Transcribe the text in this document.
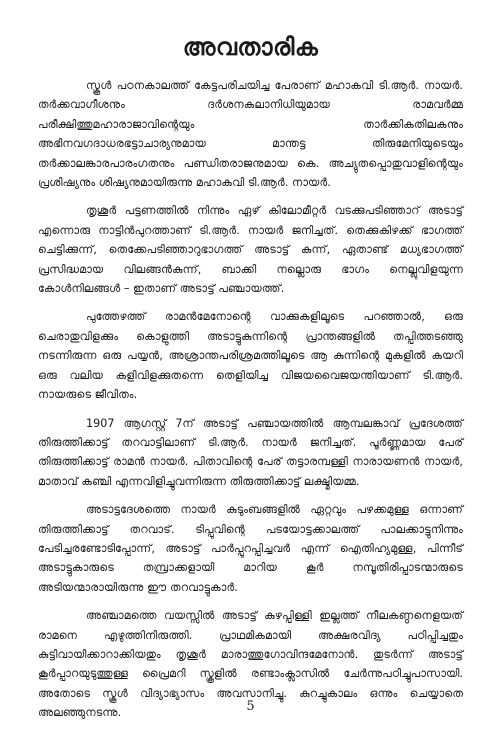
അവതാരിക

സ്കൂൾ പഠനകാലത്ത് കേട്ടപരിചയിച്ച പേരാണ് മഹാകവി ടി.ആർ. നായർ. തർക്കവാഗീശനും ദർശനകലാനിധിയുമായ രാമവർമ്മ പരീക്ഷിത്തുമഹാരാജാവിന്റെയും താർക്കികതിലകനും അഭിനവഗദാധരഭട്ടാചാര്യനുമായ മാന്തട്ട തിരുമേനിയുടെയും തർക്കാലങ്കാരപാരംഗതനും പണ്ഡിതരാജനുമായ കെ. അച്യുതപ്പൊതുവാളിന്റെയും പ്രശിഷ്യനും ശിഷ്യനുമായിരുന്നു മഹാകവി ടി.ആർ. നായർ.

തൃശൂർ പട്ടണത്തിൽ നിന്നും ഏഴ് കിലോമീറ്റർ വടക്കുപടിഞ്ഞാറ് അടാട്ട് എന്നൊരു നാട്ടിൻപുറത്താണ് ടി.ആർ. നായർ ജനിച്ചത്. തെക്കുകിഴക്ക് ഭാഗത്ത് ചെട്ടിക്കുന്ന്, തെക്കേപടിഞ്ഞാറുഭാഗത്ത് അടാട്ട് കുന്ന്, ഏതാണ്ട് മധ്യഭാഗത്ത് പ്രസിദ്ധമായ വിലങ്ങൻകുന്ന്, ബാക്കി നല്ലൊരു ഭാഗം നെല്ലുവിളയുന്ന കോൾനിലങ്ങൾ – ഇതാണ് അടാട്ട് പഞ്ചായത്ത്.

പുത്തേഴത്ത് രാമൻമേനോന്റെ വാക്കുകളിലൂടെ പറഞ്ഞാൽ, ഒരു ചെരാതുവിളക്കും കൊളുത്തി അടാട്ടുകുന്നിന്റെ പ്രാന്തങ്ങളിൽ തപ്പിത്തടഞ്ഞു നടന്നിരുന്ന ഒരു പയ്യൻ, അശ്രാന്തപരിശ്രമത്തിലൂടെ ആ കുന്നിന്റെ മുകളിൽ കയറി ഒരു വലിയ കളിവിളക്കുതന്നെ തെളിയിച്ച വിജയവൈജയന്തിയാണ് ടി.ആർ. നായരുടെ ജീവിതം.

1907 ആഗസ്റ്റ് 7ന് അടാട്ട് പഞ്ചായത്തിൽ ആമ്പലങ്കാവ് പ്രദേശത്ത് തിരുത്തിക്കാട്ട് തറവാട്ടിലാണ് ടി.ആർ. നായർ ജനിച്ചത്. പൂർണ്ണമായ പേര് തിരുത്തിക്കാട്ട് രാമൻ നായർ. പിതാവിന്റെ പേര് തട്ടാരമ്പള്ളി നാരായണൻ നായർ, മാതാവ് കഞ്ചി എന്നവിളിച്ചുവന്നിരുന്ന തിരുത്തിക്കാട്ട് ലക്ഷ്മിയമ്മ.

അടാട്ടദേശത്തെ നായർ കുടുംബങ്ങളിൽ ഏറ്റവും പഴക്കമുള്ള ഒന്നാണ് തിരുത്തിക്കാട്ട് തറവാട്. ടിപ്പുവിന്റെ പടയോട്ടക്കാലത്ത് പാലക്കാട്ടുനിന്നും പേടിച്ചരണ്ടോടിപ്പോന്ന്, അടാട്ട് പാർപ്പുറപ്പിച്ചവർ എന്ന് ഐതിഹ്യമുള്ള, പിന്നീട് അടാട്ടുകാരുടെ തമ്പ്രാക്കളായി മാറിയ കൂർ നമ്പൂതിരിപ്പാടന്മാരുടെ അടിയന്മാരായിരുന്നു ഈ തറവാട്ടുകാർ.

അഞ്ചാമത്തെ വയസ്സിൽ അടാട്ട് കുഴപ്പിള്ളി ഇല്ലത്ത് നീലകണ്ഠനെളയത് രാമനെ എഴുത്തിനിരുത്തി. പ്രാഥമികമായി അക്ഷരവിദ്യ പഠിപ്പിച്ചതും കുട്ടിവായിക്കാറാക്കിയതും തൃശൂർ മാരാത്തുഗോവിന്ദമേനോൻ. തുടർന്ന് അടാട്ട് കൂർപ്പാറയുടുത്തുള്ള പ്രൈമറി സ്കൂളിൽ രണ്ടാംക്ലാസിൽ ചേർന്നുപഠിച്ചുപാസായി. അതോടെ സ്കൂൾ വിദ്യാഭ്യാസം അവസാനിച്ചു. കുറച്ചുകാലം ഒന്നും ചെയ്യാതെ അലഞ്ഞുനടന്നു.	5
